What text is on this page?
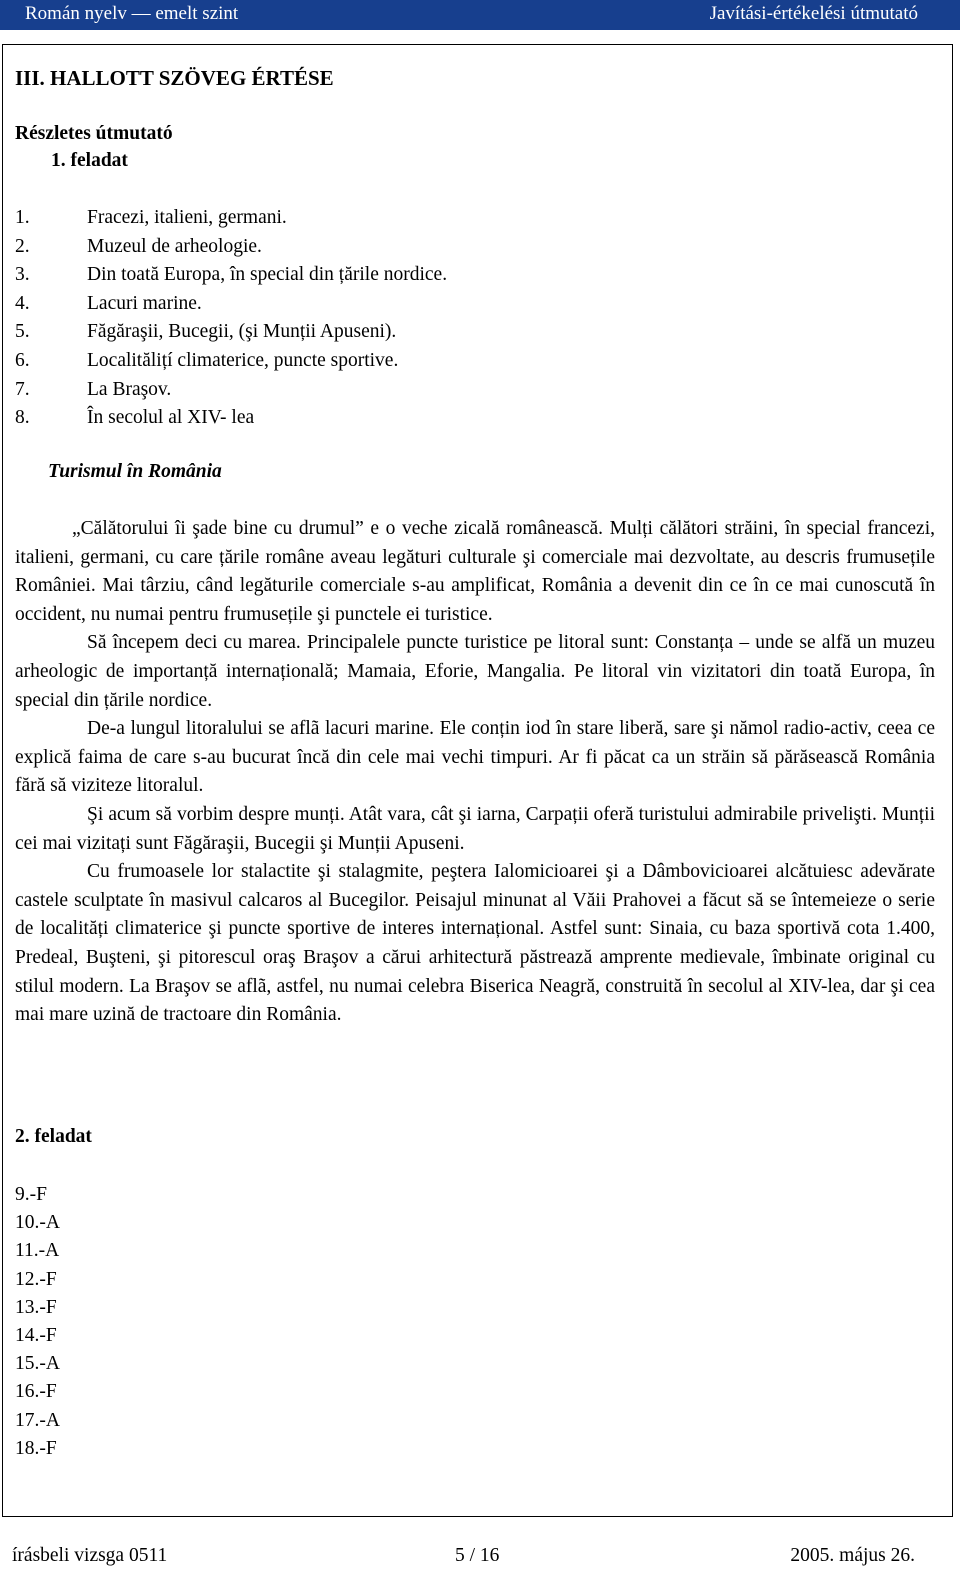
Román nyelv — emelt szint	Javítási-értékelési útmutató
III. HALLOTT SZÖVEG ÉRTÉSE
Részletes útmutató
1. feladat
1.	Fracezi, italieni, germani.
2.	Muzeul de arheologie.
3.	Din toată Europa, în special din țările nordice.
4.	Lacuri marine.
5.	Făgăraşii, Bucegii, (şi Munții Apuseni).
6.	Localitălițí climaterice, puncte sportive.
7.	La Braşov.
8.	În secolul al XIV- lea
Turismul în România

„Călătorului îi şade bine cu drumul” e o veche zicală românească. Mulți călători străini, în special francezi, italieni, germani, cu care țările române aveau legături culturale şi comerciale mai dezvoltate, au descris frumusețile României. Mai târziu, când legăturile comerciale s-au amplificat, România a devenit din ce în ce mai cunoscută în occident, nu numai pentru frumusețile şi punctele ei turistice.

Să începem deci cu marea. Principalele puncte turistice pe litoral sunt: Constanța – unde se alfă un muzeu arheologic de importanță internațională; Mamaia, Eforie, Mangalia. Pe litoral vin vizitatori din toată Europa, în special din țările nordice.

De-a lungul litoralului se aflã lacuri marine. Ele conțin iod în stare liberă, sare şi nămol radio-activ, ceea ce explică faima de care s-au bucurat încă din cele mai vechi timpuri. Ar fi păcat ca un străin să părăsească România fără să viziteze litoralul.

Şi acum să vorbim despre munți. Atât vara, cât şi iarna, Carpații oferă turistului admirabile privelişti. Munții cei mai vizitați sunt Făgăraşii, Bucegii şi Munții Apuseni.

Cu frumoasele lor stalactite şi stalagmite, peştera Ialomicioarei şi a Dâmbovicioarei alcătuiesc adevărate castele sculptate în masivul calcaros al Bucegilor. Peisajul minunat al Văii Prahovei a făcut să se întemeieze o serie de localități climaterice şi puncte sportive de interes internațional. Astfel sunt: Sinaia, cu baza sportivă cota 1.400, Predeal, Buşteni, şi pitorescul oraş Braşov a cărui arhitectură păstrează amprente medievale, îmbinate original cu stilul modern. La Braşov se aflã, astfel, nu numai celebra Biserica Neagră, construită în secolul al XIV-lea, dar şi cea mai mare uzină de tractoare din România.

2. feladat
9.-F
10.-A
11.-A
12.-F
13.-F
14.-F
15.-A
16.-F
17.-A
18.-F
írásbeli vizsga 0511	5 / 16	2005. május 26.
